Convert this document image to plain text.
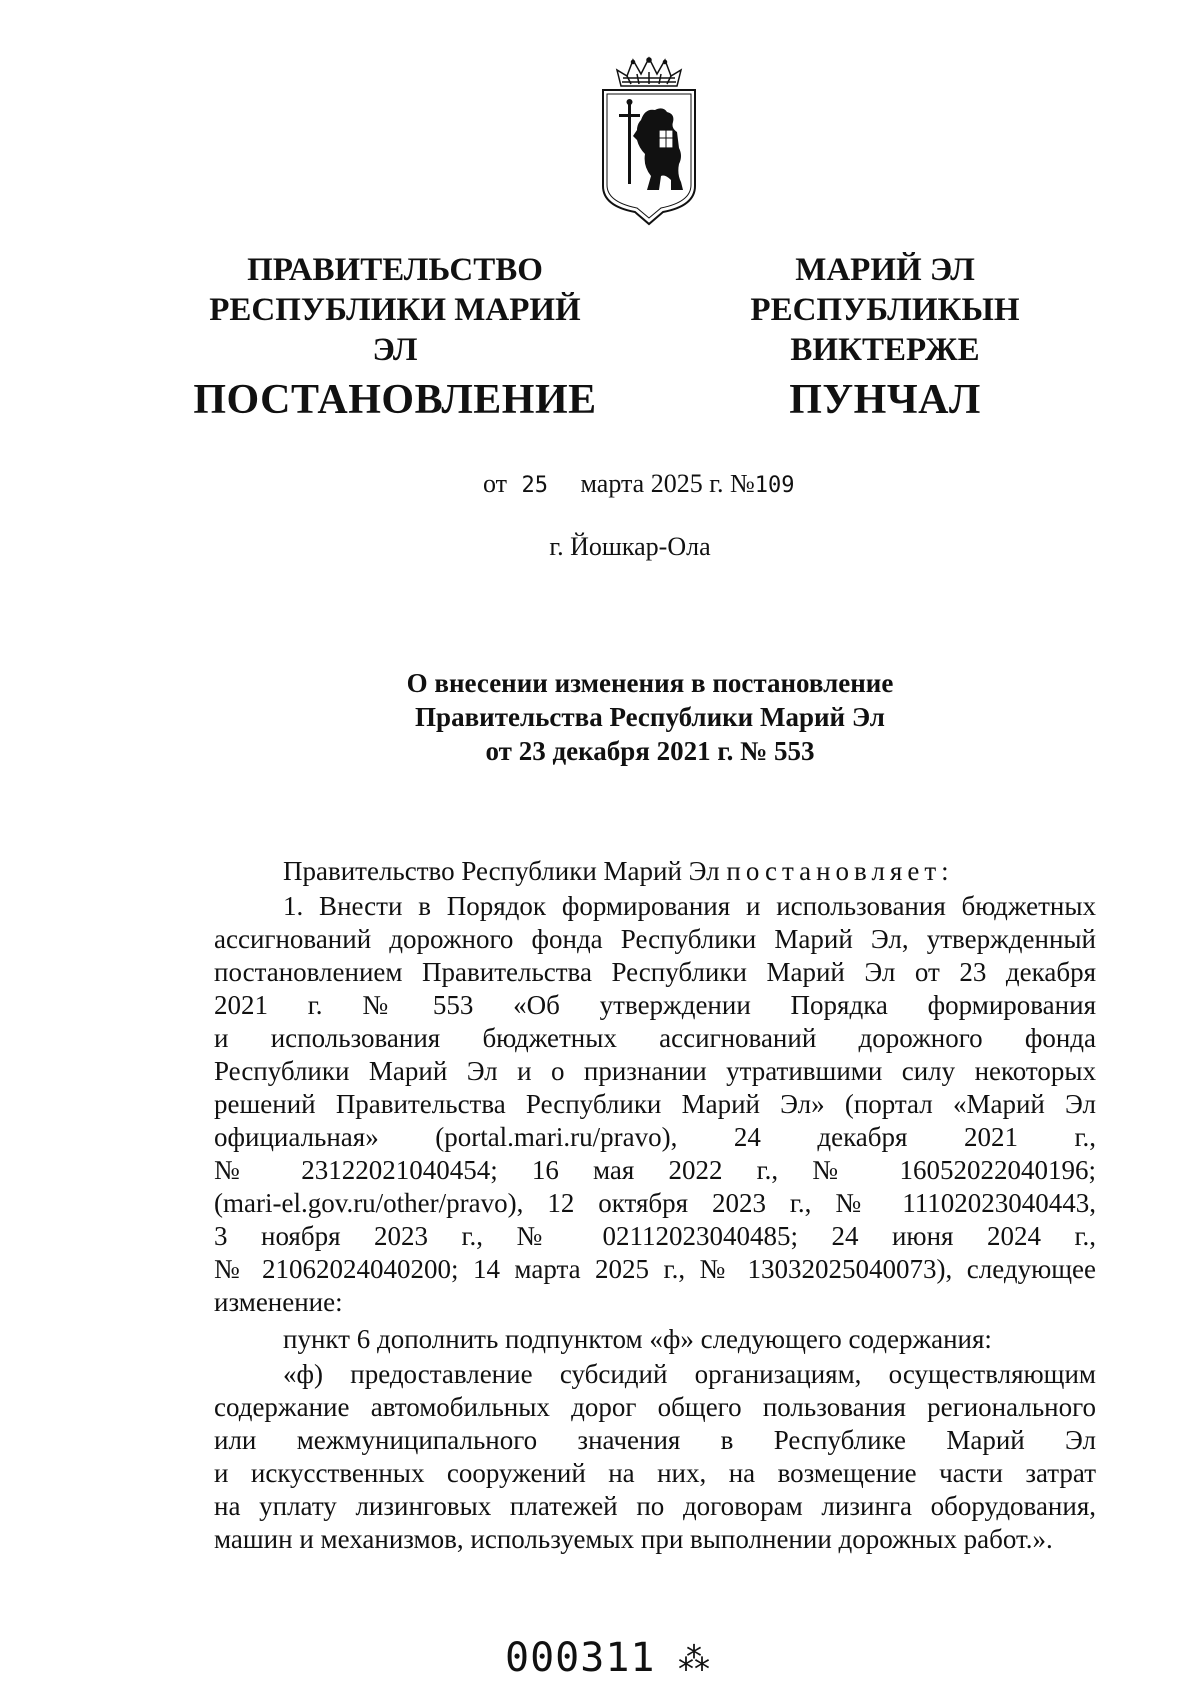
ПРАВИТЕЛЬСТВО
РЕСПУБЛИКИ МАРИЙ ЭЛ
ПОСТАНОВЛЕНИЕ
МАРИЙ ЭЛ РЕСПУБЛИКЫН
ВИКТЕРЖЕ
ПУНЧАЛ
от 25 марта 2025 г. №109
г. Йошкар-Ола
О внесении изменения в постановление
Правительства Республики Марий Эл
от 23 декабря 2021 г. № 553
Правительство Республики Марий Эл постановляет:
1. Внести в Порядок формирования и использования бюджетных
ассигнований дорожного фонда Республики Марий Эл, утвержденный
постановлением Правительства Республики Марий Эл от 23 декабря
2021 г. № 553 «Об утверждении Порядка формирования
и использования бюджетных ассигнований дорожного фонда
Республики Марий Эл и о признании утратившими силу некоторых
решений Правительства Республики Марий Эл» (портал «Марий Эл
официальная» (portal.mari.ru/pravo), 24 декабря 2021 г.,
№ 23122021040454; 16 мая 2022 г., № 16052022040196;
(mari-el.gov.ru/other/pravo), 12 октября 2023 г., № 11102023040443,
3 ноября 2023 г., № 02112023040485; 24 июня 2024 г.,
№ 21062024040200; 14 марта 2025 г., № 13032025040073), следующее
изменение:
пункт 6 дополнить подпунктом «ф» следующего содержания:
«ф) предоставление субсидий организациям, осуществляющим
содержание автомобильных дорог общего пользования регионального
или межмуниципального значения в Республике Марий Эл
и искусственных сооружений на них, на возмещение части затрат
на уплату лизинговых платежей по договорам лизинга оборудования,
машин и механизмов, используемых при выполнении дорожных работ.».
000311 ⁂
